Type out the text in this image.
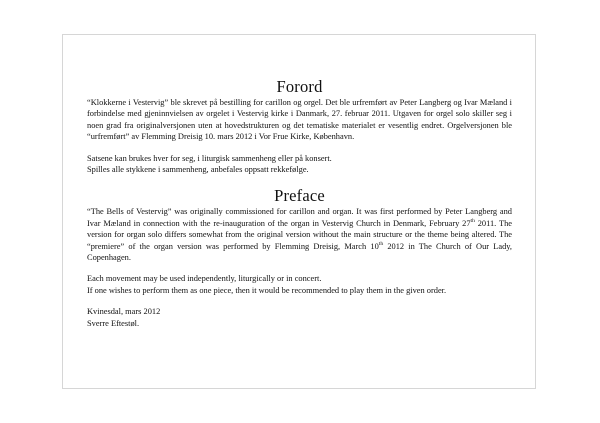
Forord

“Klokkerne i Vestervig” ble skrevet på bestilling for carillon og orgel. Det ble urfremført av Peter Langberg og Ivar Mæland i forbindelse med gjeninnvielsen av orgelet i Vestervig kirke i Danmark, 27. februar 2011. Utgaven for orgel solo skiller seg i noen grad fra originalversjonen uten at hovedstrukturen og det tematiske materialet er vesentlig endret. Orgelversjonen ble “urfremført” av Flemming Dreisig 10. mars 2012 i Vor Frue Kirke, København.

Satsene kan brukes hver for seg, i liturgisk sammenheng eller på konsert.
Spilles alle stykkene i sammenheng, anbefales oppsatt rekkefølge.
Preface

“The Bells of Vestervig” was originally commissioned for carillon and organ. It was first performed by Peter Langberg and Ivar Mæland in connection with the re-inauguration of the organ in Vestervig Church in Denmark, February 27th 2011. The version for organ solo differs somewhat from the original version without the main structure or the theme being altered. The “premiere” of the organ version was performed by Flemming Dreisig, March 10th 2012 in The Church of Our Lady, Copenhagen.

Each movement may be used independently, liturgically or in concert.
If one wishes to perform them as one piece, then it would be recommended to play them in the given order.
Kvinesdal, mars 2012
Sverre Eftestøl.
